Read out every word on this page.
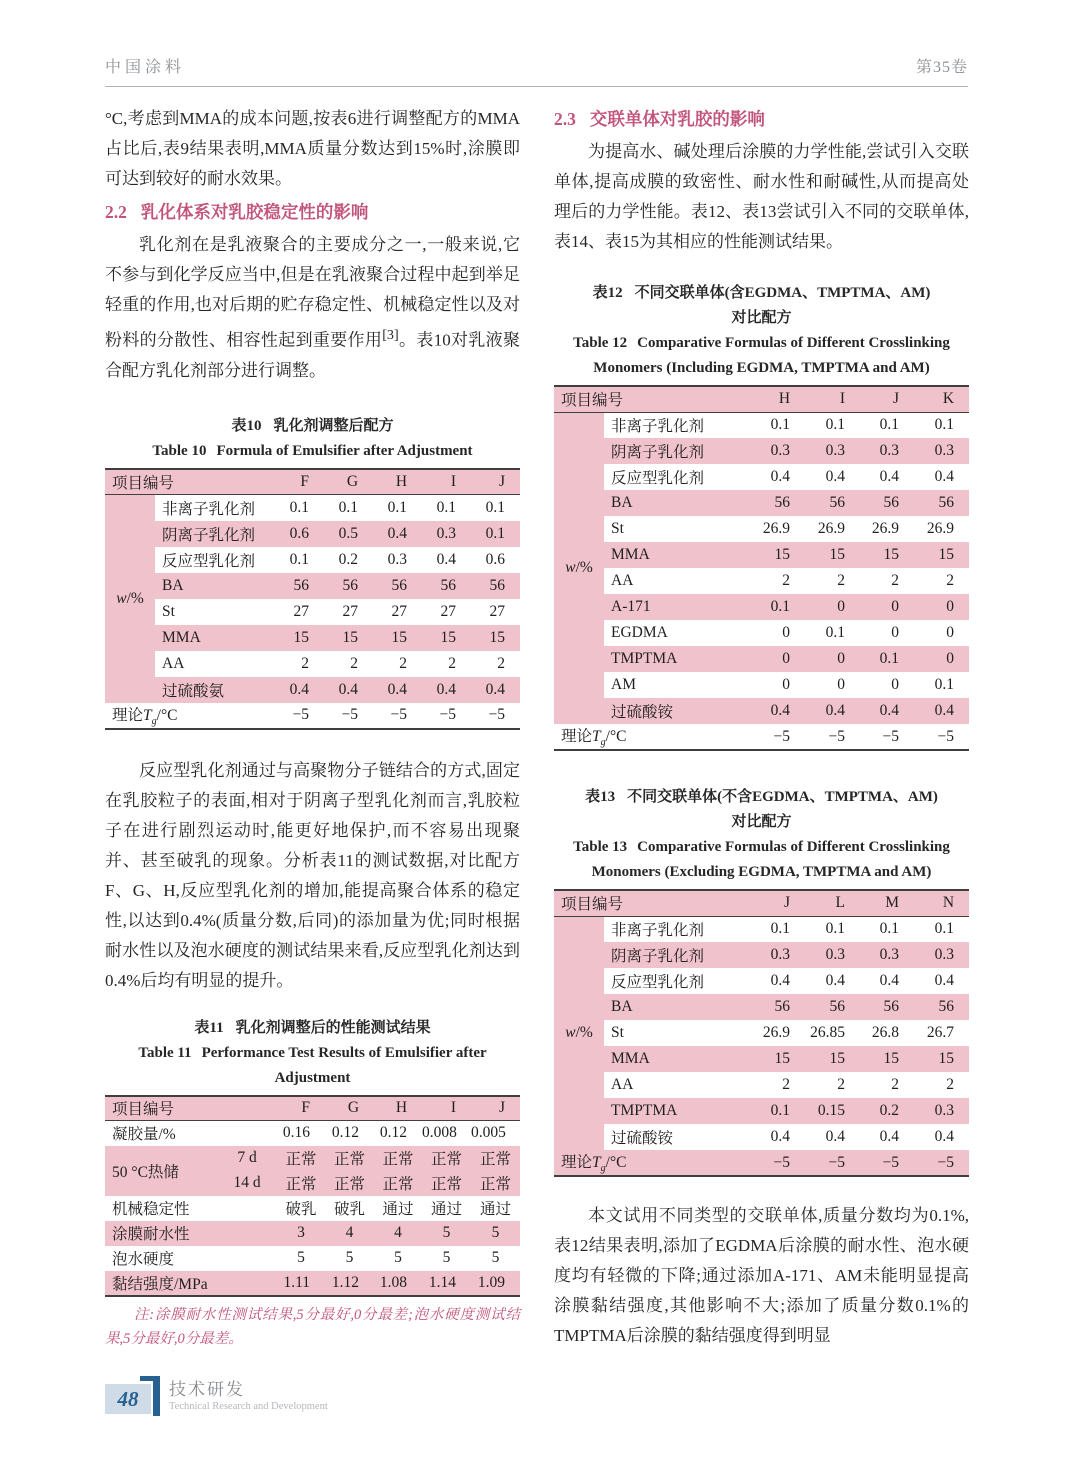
中国涂料	第35卷

°C,考虑到MMA的成本问题,按表6进行调整配方的MMA占比后,表9结果表明,MMA质量分数达到15%时,涂膜即可达到较好的耐水效果。

2.2 乳化体系对乳胶稳定性的影响

乳化剂在是乳液聚合的主要成分之一,一般来说,它不参与到化学反应当中,但是在乳液聚合过程中起到举足轻重的作用,也对后期的贮存稳定性、机械稳定性以及对粉料的分散性、相容性起到重要作用[3]。表10对乳液聚合配方乳化剂部分进行调整。

表10 乳化剂调整后配方
Table 10 Formula of Emulsifier after Adjustment
项目编号		F	G	H	I	J
w/%	非离子乳化剂	0.1	0.1	0.1	0.1	0.1
	阴离子乳化剂	0.6	0.5	0.4	0.3	0.1
	反应型乳化剂	0.1	0.2	0.3	0.4	0.6
	BA	56	56	56	56	56
	St	27	27	27	27	27
	MMA	15	15	15	15	15
	AA	2	2	2	2	2
	过硫酸氨	0.4	0.4	0.4	0.4	0.4
理论$T_g/^\circ C$		−5	−5	−5	−5	−5

反应型乳化剂通过与高聚物分子链结合的方式,固定在乳胶粒子的表面,相对于阴离子型乳化剂而言,乳胶粒子在进行剧烈运动时,能更好地保护,而不容易出现聚并、甚至破乳的现象。分析表11的测试数据,对比配方F、G、H,反应型乳化剂的增加,能提高聚合体系的稳定性,以达到0.4%(质量分数,后同)的添加量为优;同时根据耐水性以及泡水硬度的测试结果来看,反应型乳化剂达到0.4%后均有明显的提升。

表11 乳化剂调整后的性能测试结果
Table 11 Performance Test Results of Emulsifier after Adjustment
项目编号		F	G	H	I	J
凝胶量/%		0.16	0.12	0.12	0.008	0.005
50 °C热储	7 d	正常	正常	正常	正常	正常
	14 d	正常	正常	正常	正常	正常
机械稳定性		破乳	破乳	通过	通过	通过
涂膜耐水性		3	4	4	5	5
泡水硬度		5	5	5	5	5
黏结强度/MPa		1.11	1.12	1.08	1.14	1.09

注:涂膜耐水性测试结果,5分最好,0分最差;泡水硬度测试结果,5分最好,0分最差。

2.3 交联单体对乳胶的影响

为提高水、碱处理后涂膜的力学性能,尝试引入交联单体,提高成膜的致密性、耐水性和耐碱性,从而提高处理后的力学性能。表12、表13尝试引入不同的交联单体,表14、表15为其相应的性能测试结果。

表12 不同交联单体(含EGDMA、TMPTMA、AM)
对比配方
Table 12 Comparative Formulas of Different Crosslinking Monomers (Including EGDMA, TMPTMA and AM)
项目编号		H	I	J	K
w/%	非离子乳化剂	0.1	0.1	0.1	0.1
	阴离子乳化剂	0.3	0.3	0.3	0.3
	反应型乳化剂	0.4	0.4	0.4	0.4
	BA	56	56	56	56
	St	26.9	26.9	26.9	26.9
	MMA	15	15	15	15
	AA	2	2	2	2
	A-171	0.1	0	0	0
	EGDMA	0	0.1	0	0
	TMPTMA	0	0	0.1	0
	AM	0	0	0	0.1
	过硫酸铵	0.4	0.4	0.4	0.4
理论$T_g/^\circ C$		−5	−5	−5	−5
表13 不同交联单体(不含EGDMA、TMPTMA、AM)
对比配方
Table 13 Comparative Formulas of Different Crosslinking Monomers (Excluding EGDMA, TMPTMA and AM)
项目编号		J	L	M	N
w/%	非离子乳化剂	0.1	0.1	0.1	0.1
	阴离子乳化剂	0.3	0.3	0.3	0.3
	反应型乳化剂	0.4	0.4	0.4	0.4
	BA	56	56	56	56
	St	26.9	26.85	26.8	26.7
	MMA	15	15	15	15
	AA	2	2	2	2
	TMPTMA	0.1	0.15	0.2	0.3
	过硫酸铵	0.4	0.4	0.4	0.4
理论$T_g/^\circ C$		−5	−5	−5	−5

本文试用不同类型的交联单体,质量分数均为0.1%,表12结果表明,添加了EGDMA后涂膜的耐水性、泡水硬度均有轻微的下降;通过添加A-171、AM未能明显提高涂膜黏结强度,其他影响不大;添加了质量分数0.1%的TMPTMA后涂膜的黏结强度得到明显

48 技术研发
Technical Research and Development
